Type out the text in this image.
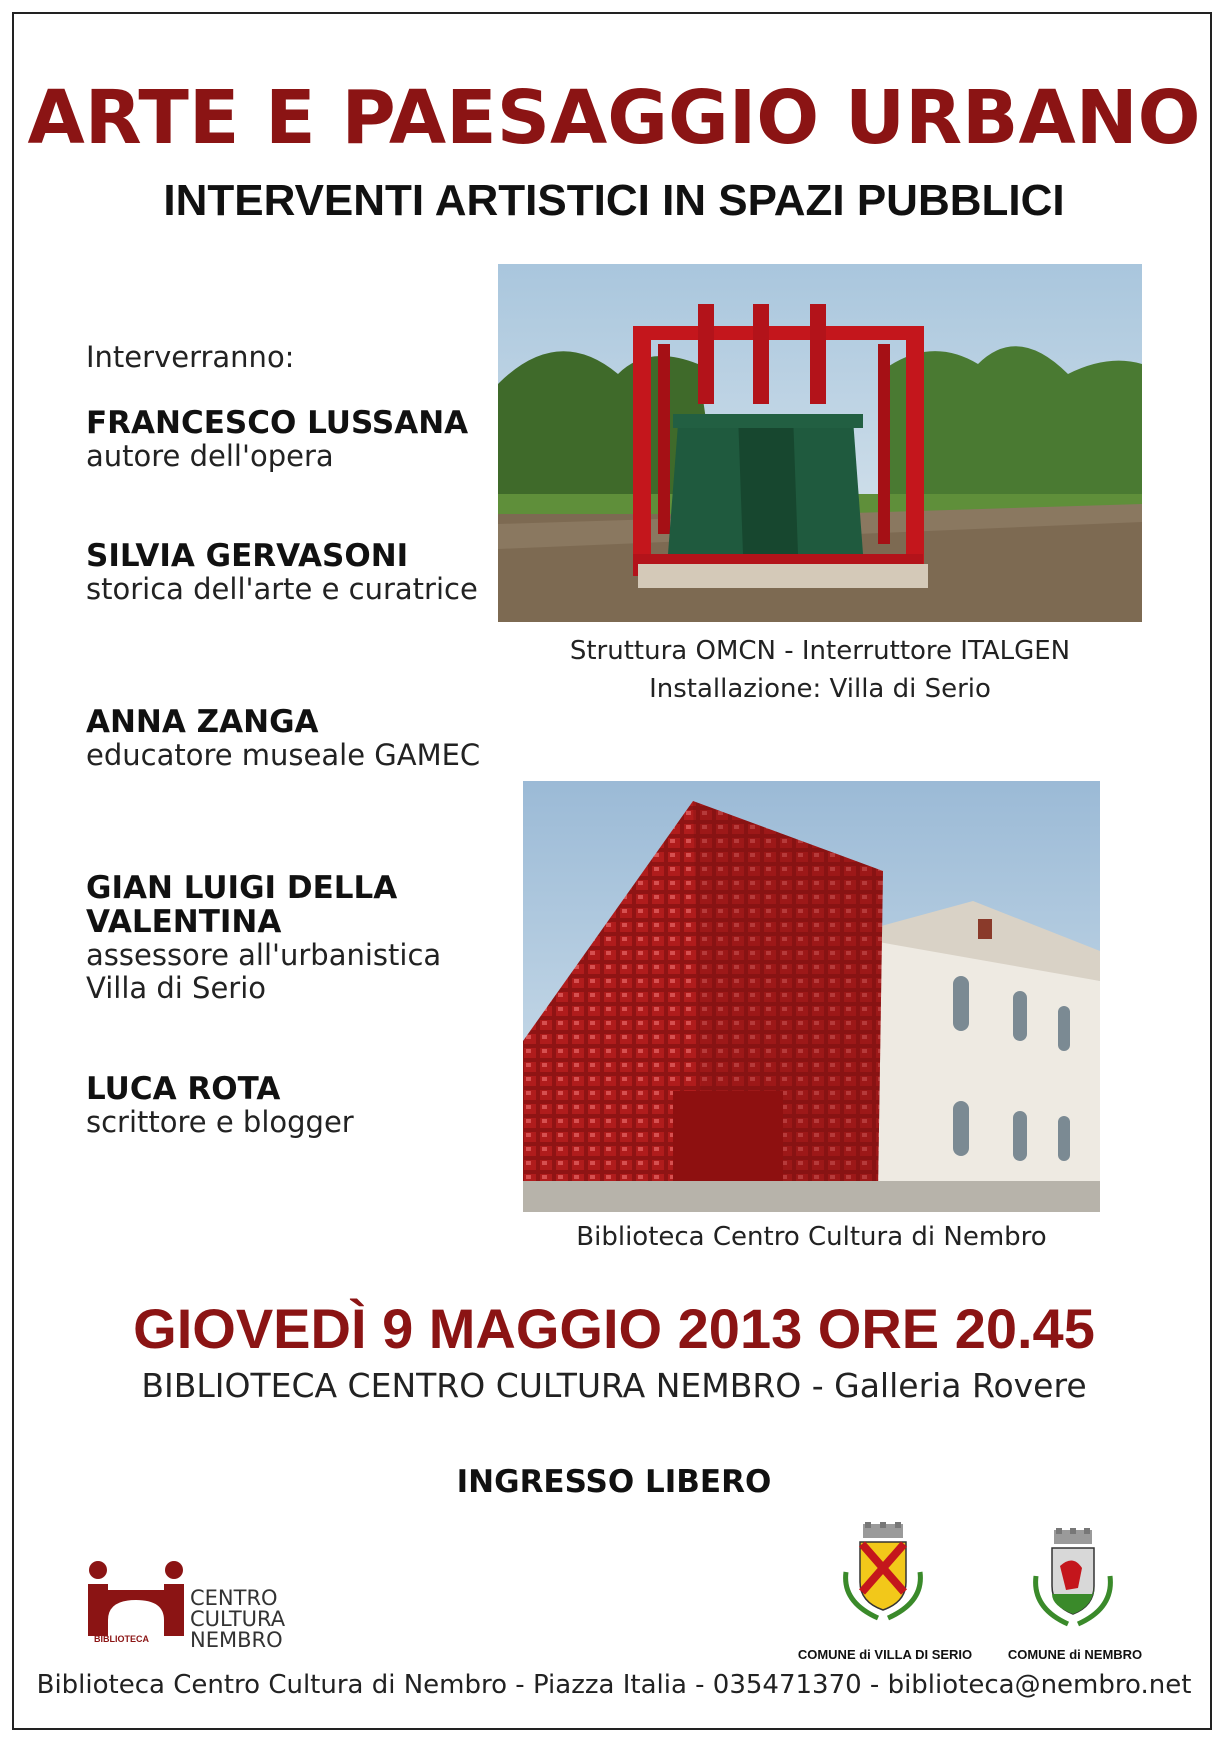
ARTE E PAESAGGIO URBANO
INTERVENTI ARTISTICI IN SPAZI PUBBLICI
Interverranno:
FRANCESCO LUSSANA
autore dell'opera
SILVIA GERVASONI
storica dell'arte e curatrice
ANNA ZANGA
educatore museale GAMEC
GIAN LUIGI DELLA
VALENTINA
assessore all'urbanistica
Villa di Serio
LUCA ROTA
scrittore e blogger
Struttura OMCN - Interruttore ITALGEN
Installazione: Villa di Serio
Biblioteca Centro Cultura di Nembro
GIOVEDÌ 9 MAGGIO 2013 ORE 20.45
BIBLIOTECA CENTRO CULTURA NEMBRO - Galleria Rovere
INGRESSO LIBERO
BIBLIOTECA
CENTRO
CULTURA
NEMBRO
COMUNE di VILLA DI SERIO	COMUNE di NEMBRO
Biblioteca Centro Cultura di Nembro - Piazza Italia - 035471370 - biblioteca@nembro.net
